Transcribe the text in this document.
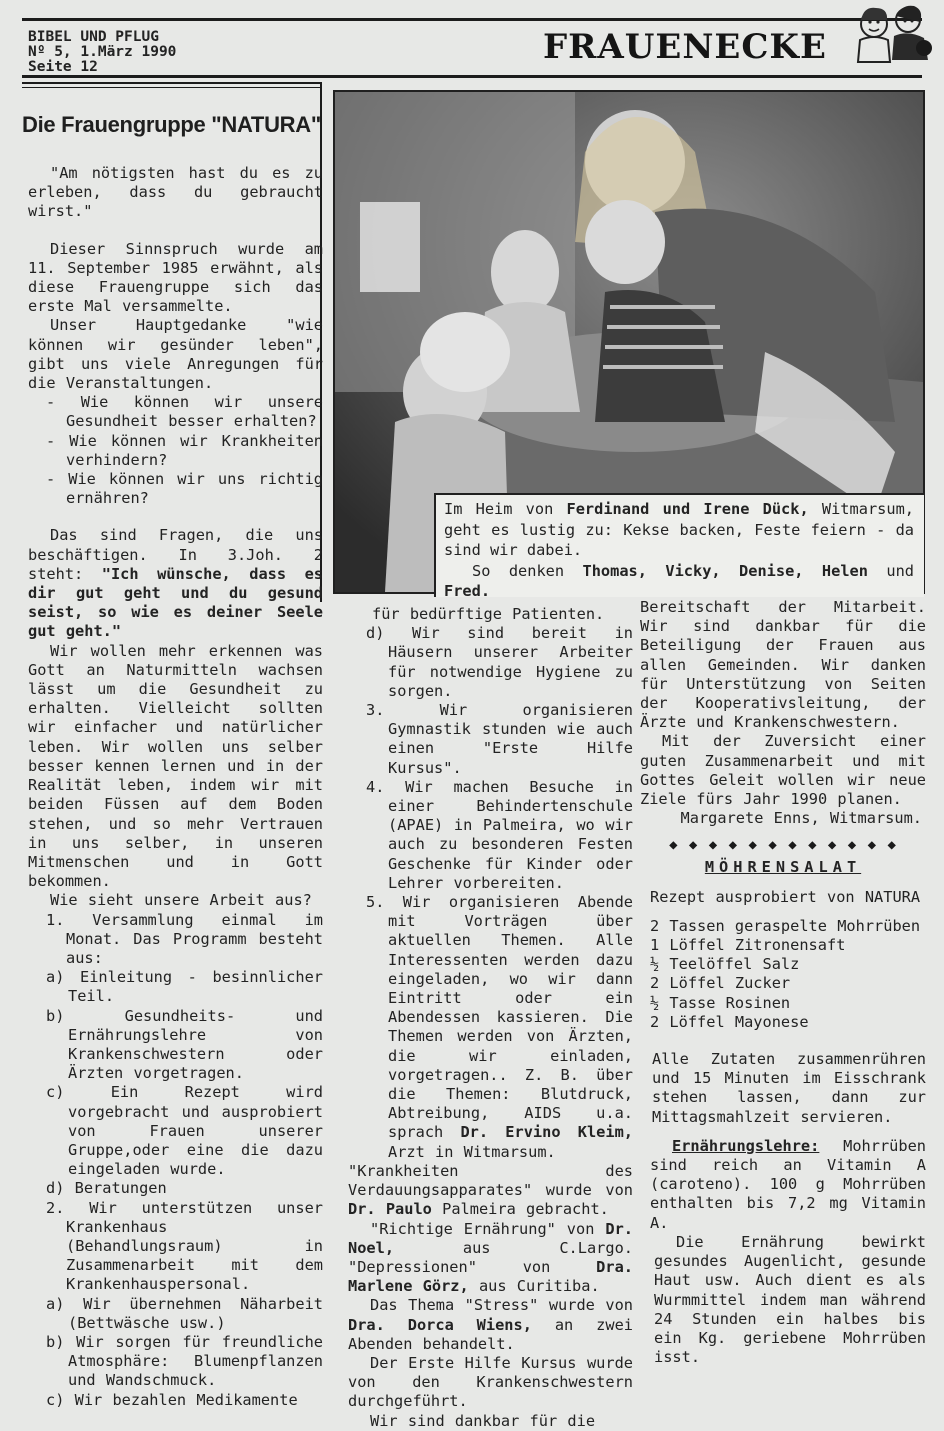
BIBEL UND PFLUG
Nº 5, 1.März 1990
Seite 12	FRAUENECKE
Die Frauengruppe "NATURA"

"Am nötigsten hast du es zu erleben, dass du gebraucht wirst."

Dieser Sinnspruch wurde am 11. September 1985 erwähnt, als diese Frauengruppe sich das erste Mal versammelte.

Unser Hauptgedanke "wie können wir gesünder leben", gibt uns viele Anregungen für die Veranstaltungen.

- Wie können wir unsere Gesundheit besser erhalten?

- Wie können wir Krankheiten verhindern?

- Wie können wir uns richtig ernähren?

Das sind Fragen, die uns beschäftigen. In 3.Joh. 2 steht: "Ich wünsche, dass es dir gut geht und du gesund seist, so wie es deiner Seele gut geht."

Wir wollen mehr erkennen was Gott an Naturmitteln wachsen lässt um die Gesundheit zu erhalten. Vielleicht sollten wir einfacher und natürlicher leben. Wir wollen uns selber besser kennen lernen und in der Realität leben, indem wir mit beiden Füssen auf dem Boden stehen, und so mehr Vertrauen in uns selber, in unseren Mitmenschen und in Gott bekommen.

Wie sieht unsere Arbeit aus?

1. Versammlung einmal im Monat. Das Programm besteht aus:

a) Einleitung - besinnlicher Teil.

b) Gesundheits- und Ernährungslehre von Krankenschwestern oder Ärzten vorgetragen.

c) Ein Rezept wird vorgebracht und ausprobiert von Frauen unserer Gruppe,oder eine die dazu eingeladen wurde.

d) Beratungen

2. Wir unterstützen unser Krankenhaus (Behandlungsraum) in Zusammenarbeit mit dem Krankenhauspersonal.

a) Wir übernehmen Näharbeit (Bettwäsche usw.)

b) Wir sorgen für freundliche Atmosphäre: Blumenpflanzen und Wandschmuck.

c) Wir bezahlen Medikamente

Im Heim von Ferdinand und Irene Dück, Witmarsum, geht es lustig zu: Kekse backen, Feste feiern - da sind wir dabei.
So denken Thomas, Vicky, Denise, Helen und Fred.

für bedürftige Patienten.

d) Wir sind bereit in Häusern unserer Arbeiter für notwendige Hygiene zu sorgen.

3. Wir organisieren Gymnastik stunden wie auch einen "Erste Hilfe Kursus".

4. Wir machen Besuche in einer Behindertenschule (APAE) in Palmeira, wo wir auch zu besonderen Festen Geschenke für Kinder oder Lehrer vorbereiten.

5. Wir organisieren Abende mit Vorträgen über aktuellen Themen. Alle Interessenten werden dazu eingeladen, wo wir dann Eintritt oder ein Abendessen kassieren. Die Themen werden von Ärzten, die wir einladen, vorgetragen.. Z. B. über die Themen: Blutdruck, Abtreibung, AIDS u.a. sprach Dr. Ervino Kleim, Arzt in Witmarsum.

"Krankheiten des Verdauungsapparates" wurde von Dr. Paulo Palmeira gebracht.

"Richtige Ernährung" von Dr. Noel,	aus C.Largo. "Depressionen" von	Dra. Marlene Görz, aus Curitiba.

Das Thema "Stress" wurde von Dra. Dorca Wiens, an zwei Abenden behandelt.

Der Erste Hilfe Kursus wurde von den Krankenschwestern durchgeführt.

Wir sind dankbar für die

Bereitschaft der Mitarbeit. Wir sind dankbar für die Beteiligung der Frauen aus allen Gemeinden. Wir danken für Unterstützung von Seiten der Kooperativsleitung, der Ärzte und Krankenschwestern.

Mit der Zuversicht einer guten Zusammenarbeit und mit Gottes Geleit wollen wir neue Ziele fürs Jahr 1990 planen.

Margarete Enns, Witmarsum.

◆ ◆ ◆ ◆ ◆ ◆ ◆ ◆ ◆ ◆ ◆ ◆

MÖHRENSALAT

Rezept ausprobiert von NATURA

2 Tassen geraspelte Mohrrüben

1 Löffel Zitronensaft

½ Teelöffel Salz

2 Löffel Zucker

½ Tasse Rosinen

2 Löffel Mayonese

Alle Zutaten zusammenrühren und 15 Minuten im Eisschrank stehen lassen, dann zur Mittagsmahlzeit servieren.

Ernährungslehre: Mohrrüben sind reich an Vitamin A (caroteno). 100 g Mohrrüben enthalten bis 7,2 mg Vitamin A.

Die Ernährung bewirkt gesundes Augenlicht, gesunde Haut usw. Auch dient es als Wurmmittel indem man während 24 Stunden ein halbes bis ein Kg. geriebene Mohrrüben isst.
